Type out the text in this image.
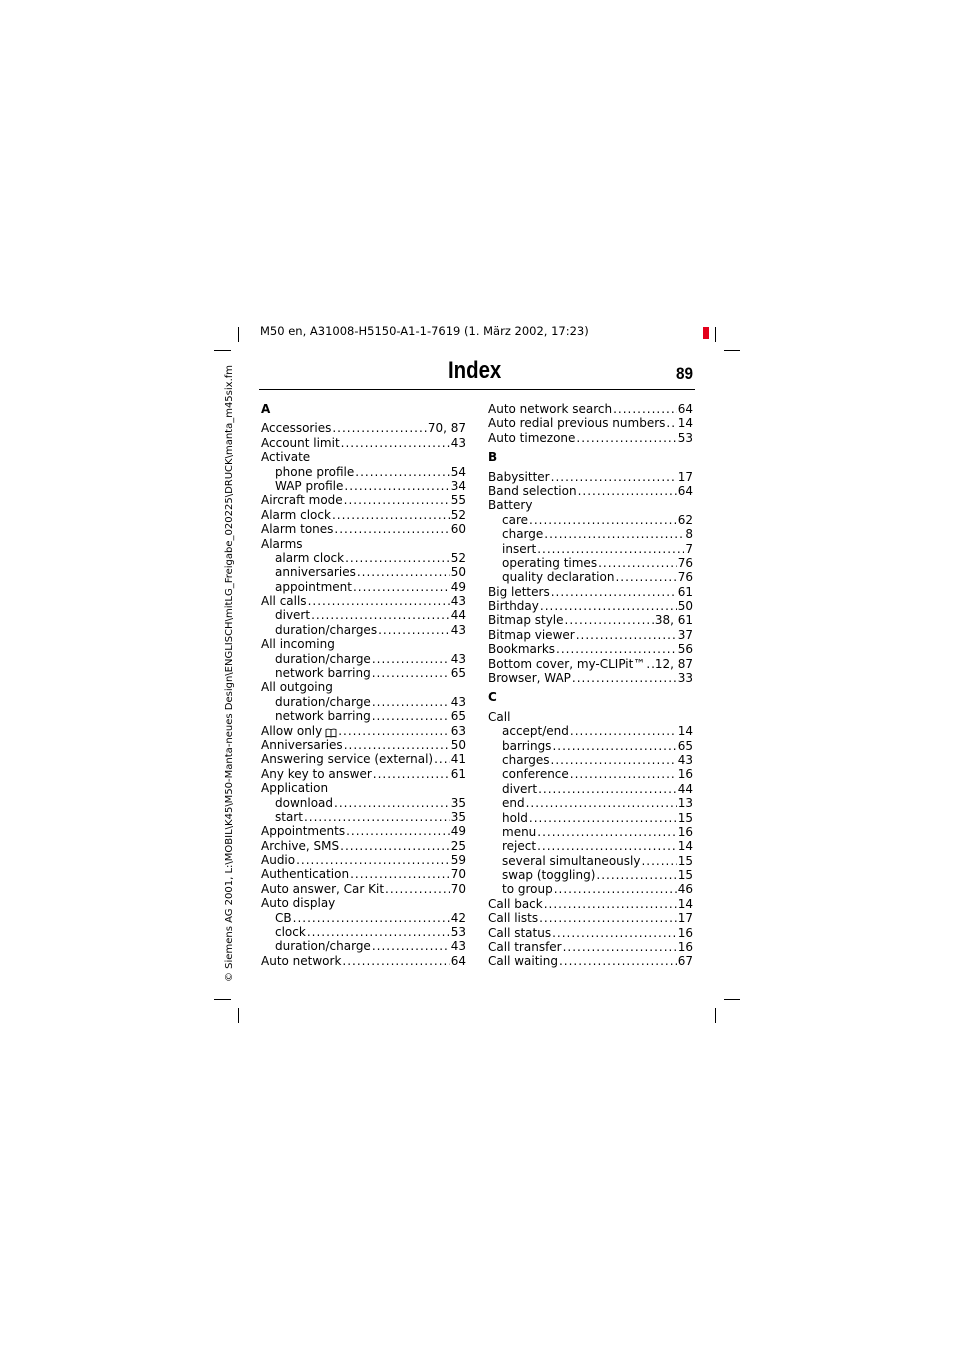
M50 en, A31008-H5150-A1-1-7619 (1. März 2002, 17:23)
© Siemens AG 2001, L:\MOBIL\K45\M50-Manta-neues Design\ENGLISCH\mitLG_Freigabe_020225\DRUCK\manta_m45six.fm	Index	89
A
Accessories .....	70, 87
Account limit .....	43
Activate
phone profile .....	54
WAP profile .....	34
Aircraft mode .....	55
Alarm clock .....	52
Alarm tones .....	60
Alarms
alarm clock .....	52
anniversaries .....	50
appointment .....	49
All calls .....	43
divert .....	44
duration/charges .....	43
All incoming
duration/charge .....	43
network barring .....	65
All outgoing
duration/charge .....	43
network barring .....	65
Allow only .....	63
Anniversaries .....	50
Answering service (external) ..... 41
Any key to answer .....	61
Application
download .....	35
start .....	35
Appointments .....	49
Archive, SMS .....	25
Audio .....	59
Authentication .....	70
Auto answer, Car Kit .....	70
Auto display
CB .....	42
clock .....	53
duration/charge .....	43
Auto network .....	64
Auto network search .....	64
Auto redial previous numbers ..... 14
Auto timezone .....	53
B
Babysitter .....	17
Band selection .....	64
Battery
care .....	62
charge .....	8
insert .....	7
operating times .....	76
quality declaration .....	76
Big letters .....	61
Birthday .....	50
Bitmap style .....	38, 61
Bitmap viewer .....	37
Bookmarks .....	56
Bottom cover, my-CLIPit™ ..... 12, 87
Browser, WAP .....	33
C
Call
accept/end .....	14
barrings .....	65
charges .....	43
conference .....	16
divert .....	44
end .....	13
hold .....	15
menu .....	16
reject .....	14
several simultaneously .....	15
swap (toggling) .....	15
to group .....	46
Call back .....	14
Call lists .....	17
Call status .....	16
Call transfer .....	16
Call waiting .....	67
